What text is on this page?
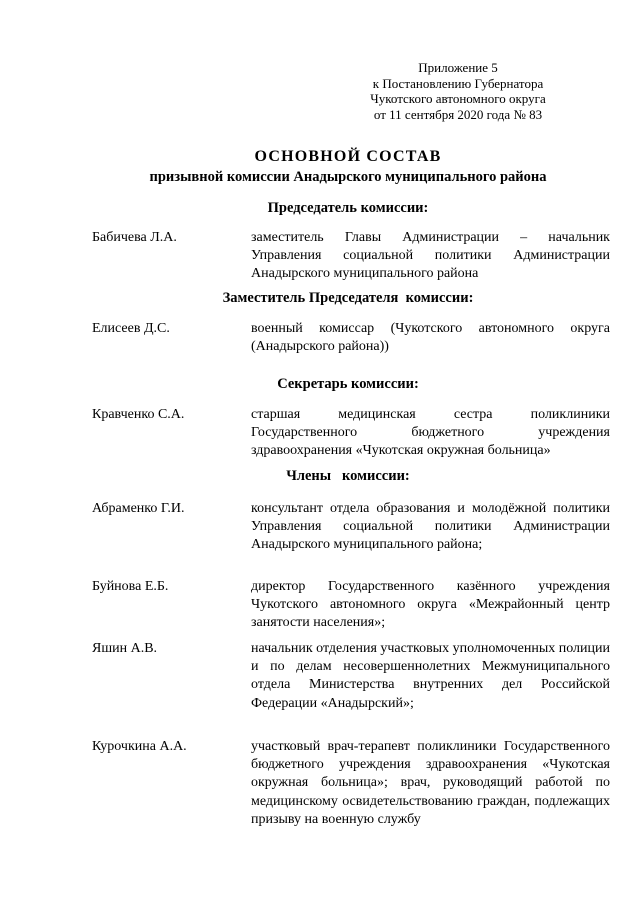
Приложение 5
к Постановлению Губернатора
Чукотского автономного округа
от 11 сентября 2020 года № 83
ОСНОВНОЙ СОСТАВ
призывной комиссии Анадырского муниципального района
Председатель комиссии:
Бабичева Л.А.	заместитель Главы Администрации – начальник Управления социальной политики Администрации Анадырского муниципального района
Заместитель Председателя  комиссии:
Елисеев Д.С.	военный комиссар (Чукотского автономного округа (Анадырского района))
Секретарь комиссии:
Кравченко С.А.	старшая медицинская сестра поликлиники Государственного бюджетного учреждения здравоохранения «Чукотская окружная больница»
Члены   комиссии:
Абраменко Г.И.	консультант отдела образования и молодёжной политики Управления социальной политики Администрации Анадырского муниципального района;
Буйнова Е.Б.	директор Государственного казённого учреждения Чукотского автономного округа «Межрайонный центр занятости населения»;
Яшин А.В.	начальник отделения участковых уполномоченных полиции и по делам несовершеннолетних Межмуниципального отдела Министерства внутренних дел Российской Федерации «Анадырский»;
Курочкина А.А.	участковый врач-терапевт поликлиники Государственного бюджетного учреждения здравоохранения «Чукотская окружная больница»; врач, руководящий работой по медицинскому освидетельствованию граждан, подлежащих призыву на военную службу
